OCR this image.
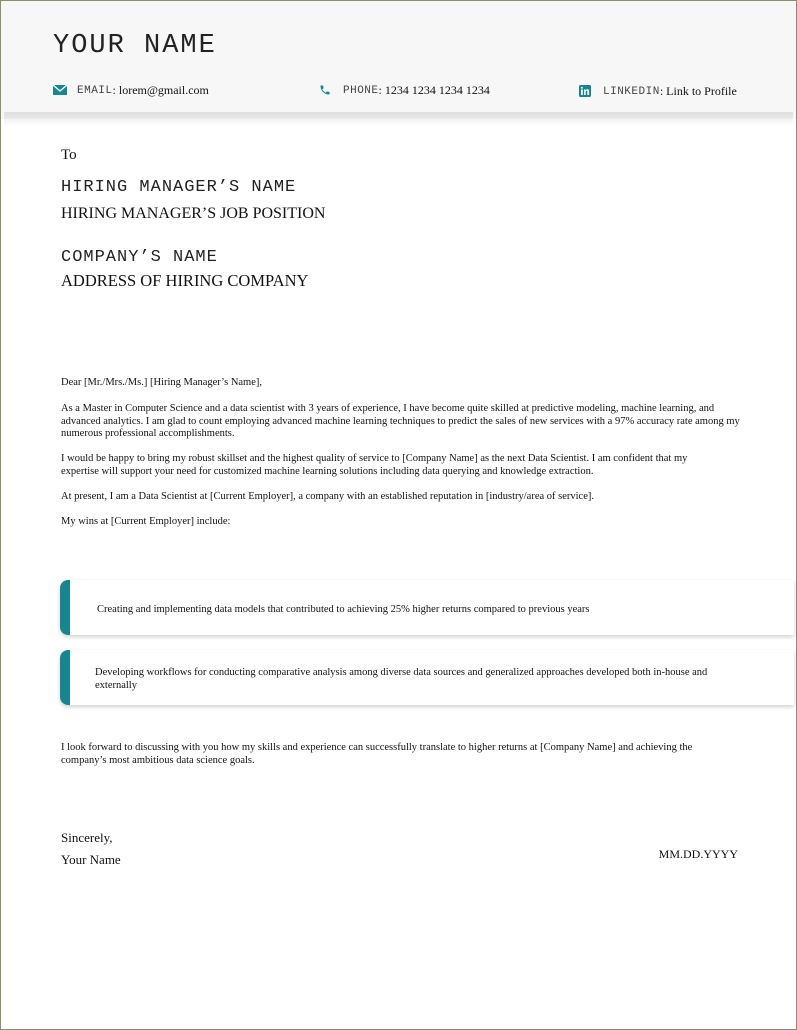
YOUR NAME
EMAIL : lorem@gmail.com	PHONE : 1234 1234 1234 1234	LINKEDIN : Link to Profile
To
HIRING MANAGER’S NAME
HIRING MANAGER’S JOB POSITION
COMPANY’S NAME
ADDRESS OF HIRING COMPANY

Dear [Mr./Mrs./Ms.] [Hiring Manager’s Name],

As a Master in Computer Science and a data scientist with 3 years of experience, I have become quite skilled at predictive modeling, machine learning, and advanced analytics. I am glad to count employing advanced machine learning techniques to predict the sales of new services with a 97% accuracy rate among my numerous professional accomplishments.

I would be happy to bring my robust skillset and the highest quality of service to [Company Name] as the next Data Scientist. I am confident that my expertise will support your need for customized machine learning solutions including data querying and knowledge extraction.

At present, I am a Data Scientist at [Current Employer], a company with an established reputation in [industry/area of service].

My wins at [Current Employer] include:

Creating and implementing data models that contributed to achieving 25% higher returns compared to previous years
Developing workflows for conducting comparative analysis among diverse data sources and generalized approaches developed both in-house and externally

I look forward to discussing with you how my skills and experience can successfully translate to higher returns at [Company Name] and achieving the company’s most ambitious data science goals.

Sincerely,
Your Name	MM.DD.YYYY
